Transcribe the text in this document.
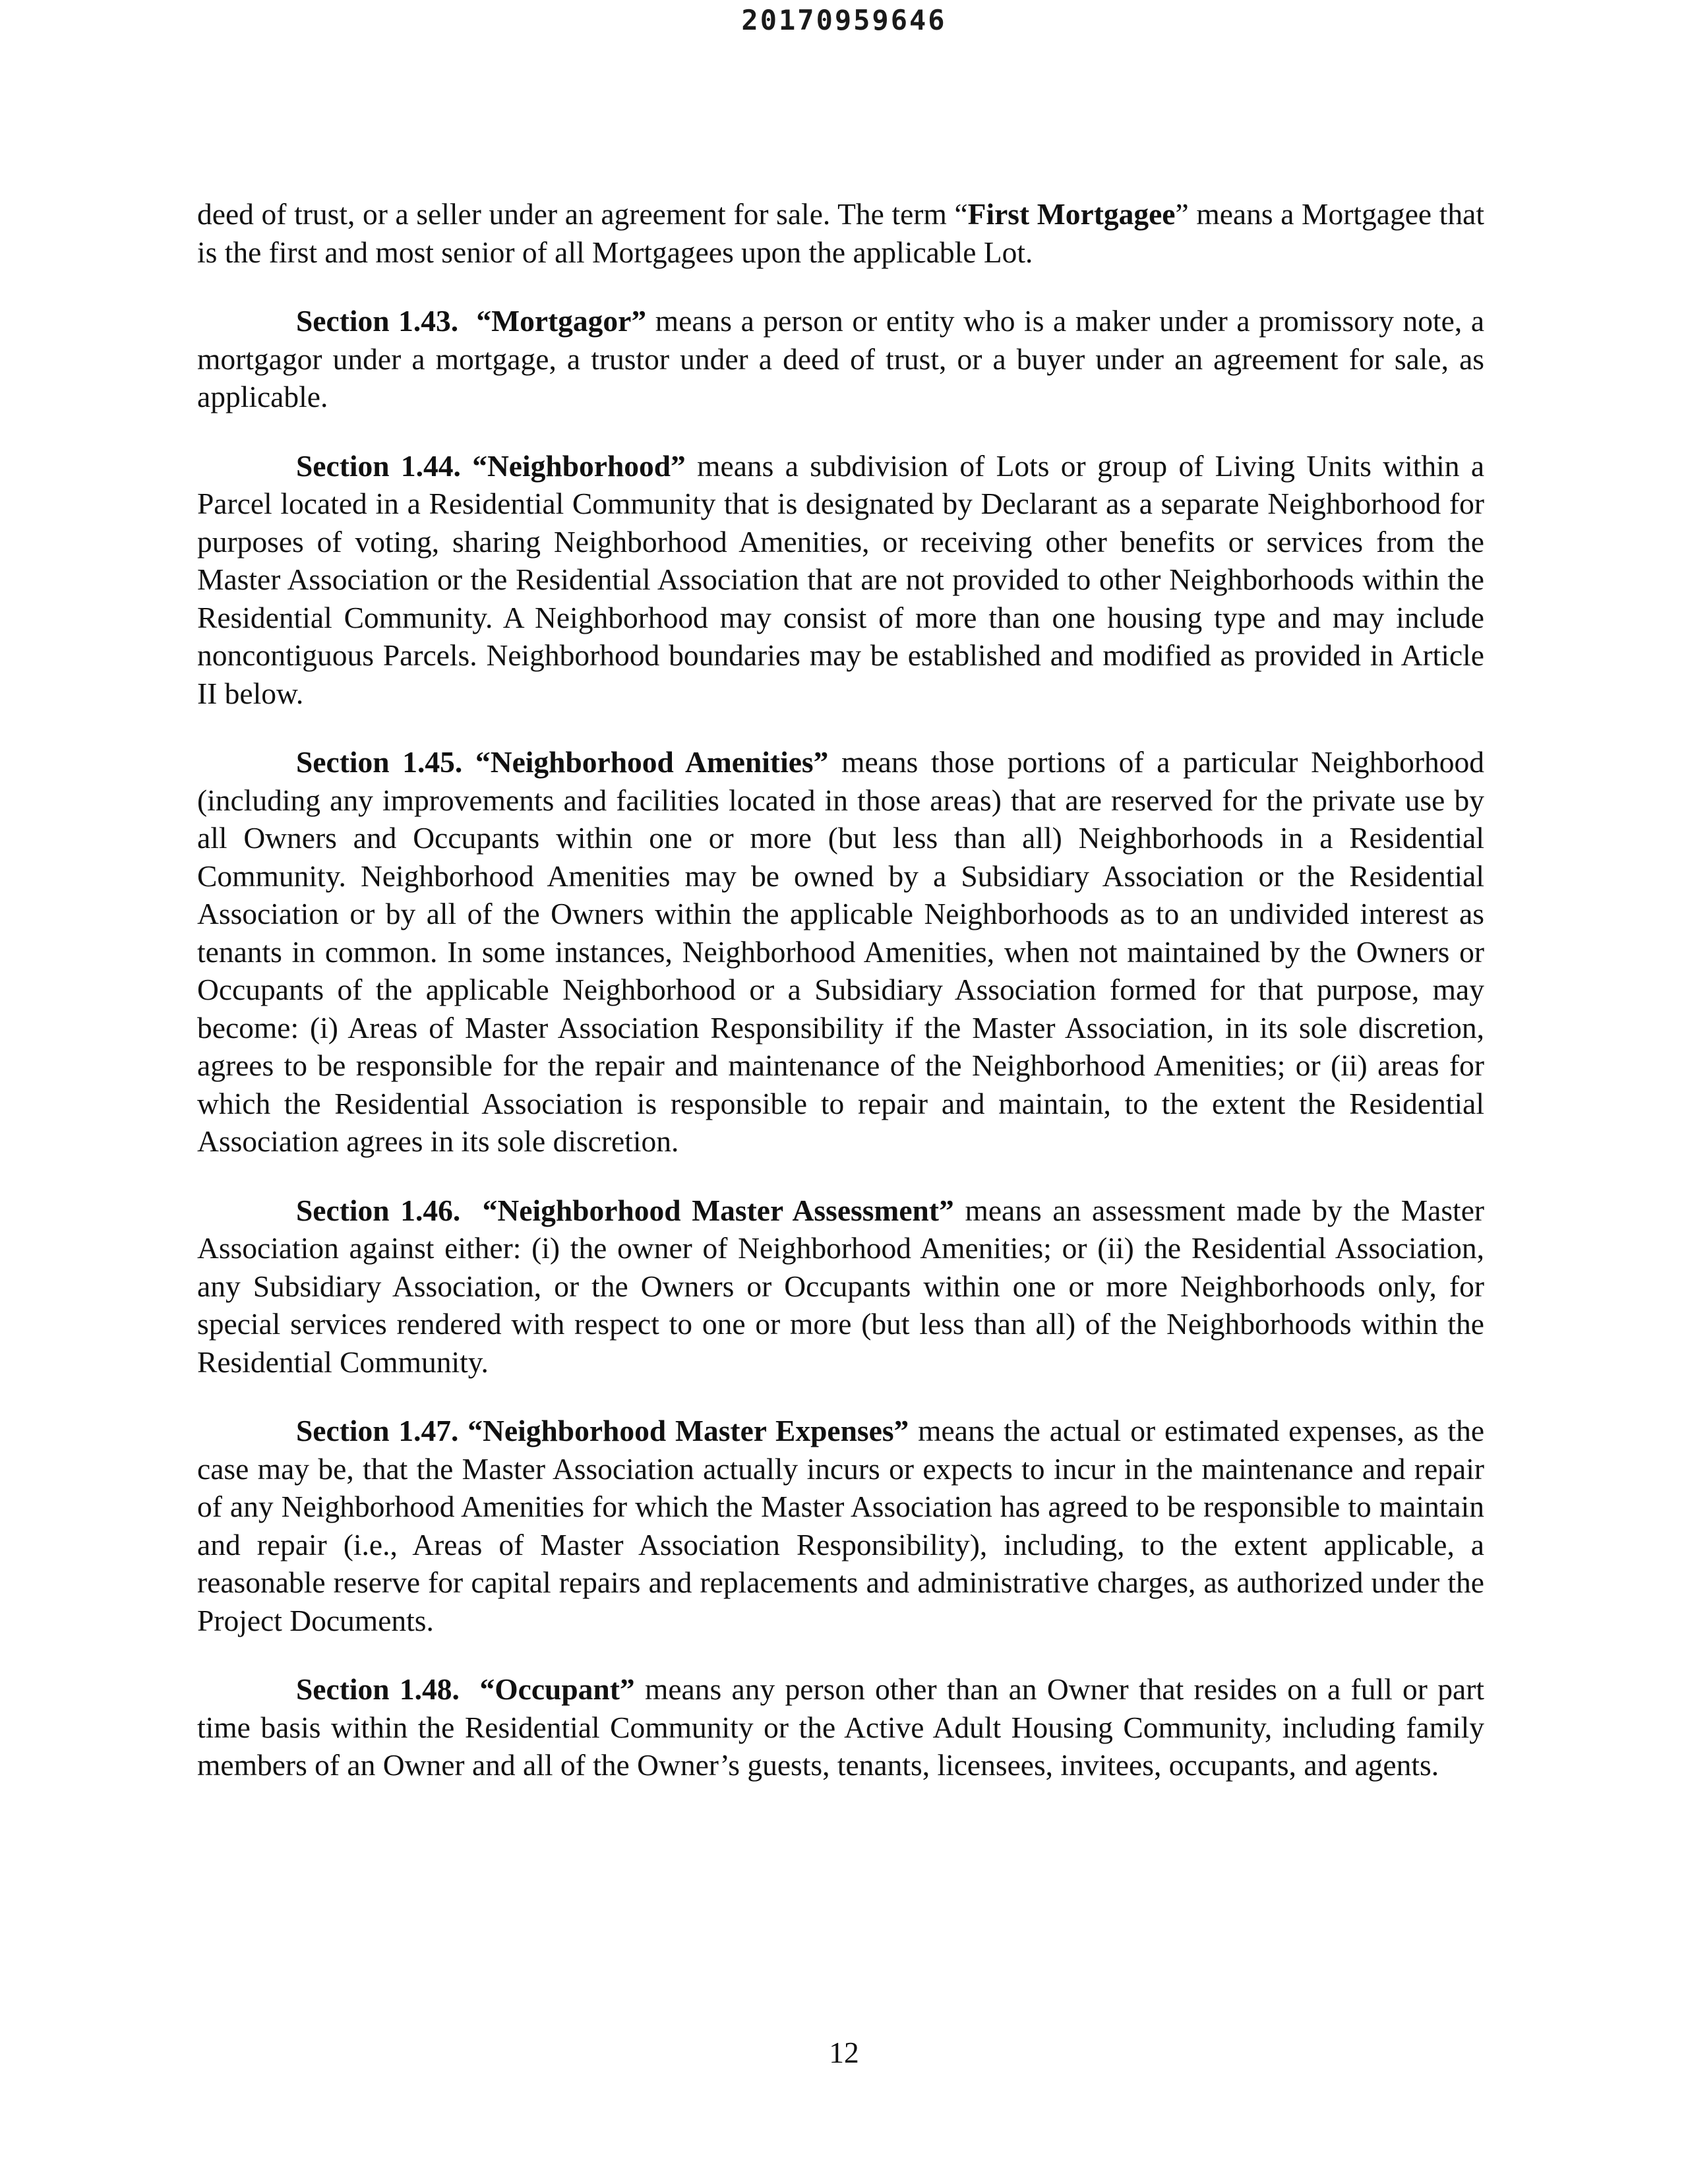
20170959646

deed of trust, or a seller under an agreement for sale. The term “First Mortgagee” means a Mortgagee that is the first and most senior of all Mortgagees upon the applicable Lot.

Section 1.43. “Mortgagor” means a person or entity who is a maker under a promissory note, a mortgagor under a mortgage, a trustor under a deed of trust, or a buyer under an agreement for sale, as applicable.

Section 1.44. “Neighborhood” means a subdivision of Lots or group of Living Units within a Parcel located in a Residential Community that is designated by Declarant as a separate Neighborhood for purposes of voting, sharing Neighborhood Amenities, or receiving other benefits or services from the Master Association or the Residential Association that are not provided to other Neighborhoods within the Residential Community. A Neighborhood may consist of more than one housing type and may include noncontiguous Parcels. Neighborhood boundaries may be established and modified as provided in Article II below.

Section 1.45. “Neighborhood Amenities” means those portions of a particular Neighborhood (including any improvements and facilities located in those areas) that are reserved for the private use by all Owners and Occupants within one or more (but less than all) Neighborhoods in a Residential Community. Neighborhood Amenities may be owned by a Subsidiary Association or the Residential Association or by all of the Owners within the applicable Neighborhoods as to an undivided interest as tenants in common. In some instances, Neighborhood Amenities, when not maintained by the Owners or Occupants of the applicable Neighborhood or a Subsidiary Association formed for that purpose, may become: (i) Areas of Master Association Responsibility if the Master Association, in its sole discretion, agrees to be responsible for the repair and maintenance of the Neighborhood Amenities; or (ii) areas for which the Residential Association is responsible to repair and maintain, to the extent the Residential Association agrees in its sole discretion.

Section 1.46. “Neighborhood Master Assessment” means an assessment made by the Master Association against either: (i) the owner of Neighborhood Amenities; or (ii) the Residential Association, any Subsidiary Association, or the Owners or Occupants within one or more Neighborhoods only, for special services rendered with respect to one or more (but less than all) of the Neighborhoods within the Residential Community.

Section 1.47. “Neighborhood Master Expenses” means the actual or estimated expenses, as the case may be, that the Master Association actually incurs or expects to incur in the maintenance and repair of any Neighborhood Amenities for which the Master Association has agreed to be responsible to maintain and repair (i.e., Areas of Master Association Responsibility), including, to the extent applicable, a reasonable reserve for capital repairs and replacements and administrative charges, as authorized under the Project Documents.

Section 1.48. “Occupant” means any person other than an Owner that resides on a full or part time basis within the Residential Community or the Active Adult Housing Community, including family members of an Owner and all of the Owner’s guests, tenants, licensees, invitees, occupants, and agents.

12
